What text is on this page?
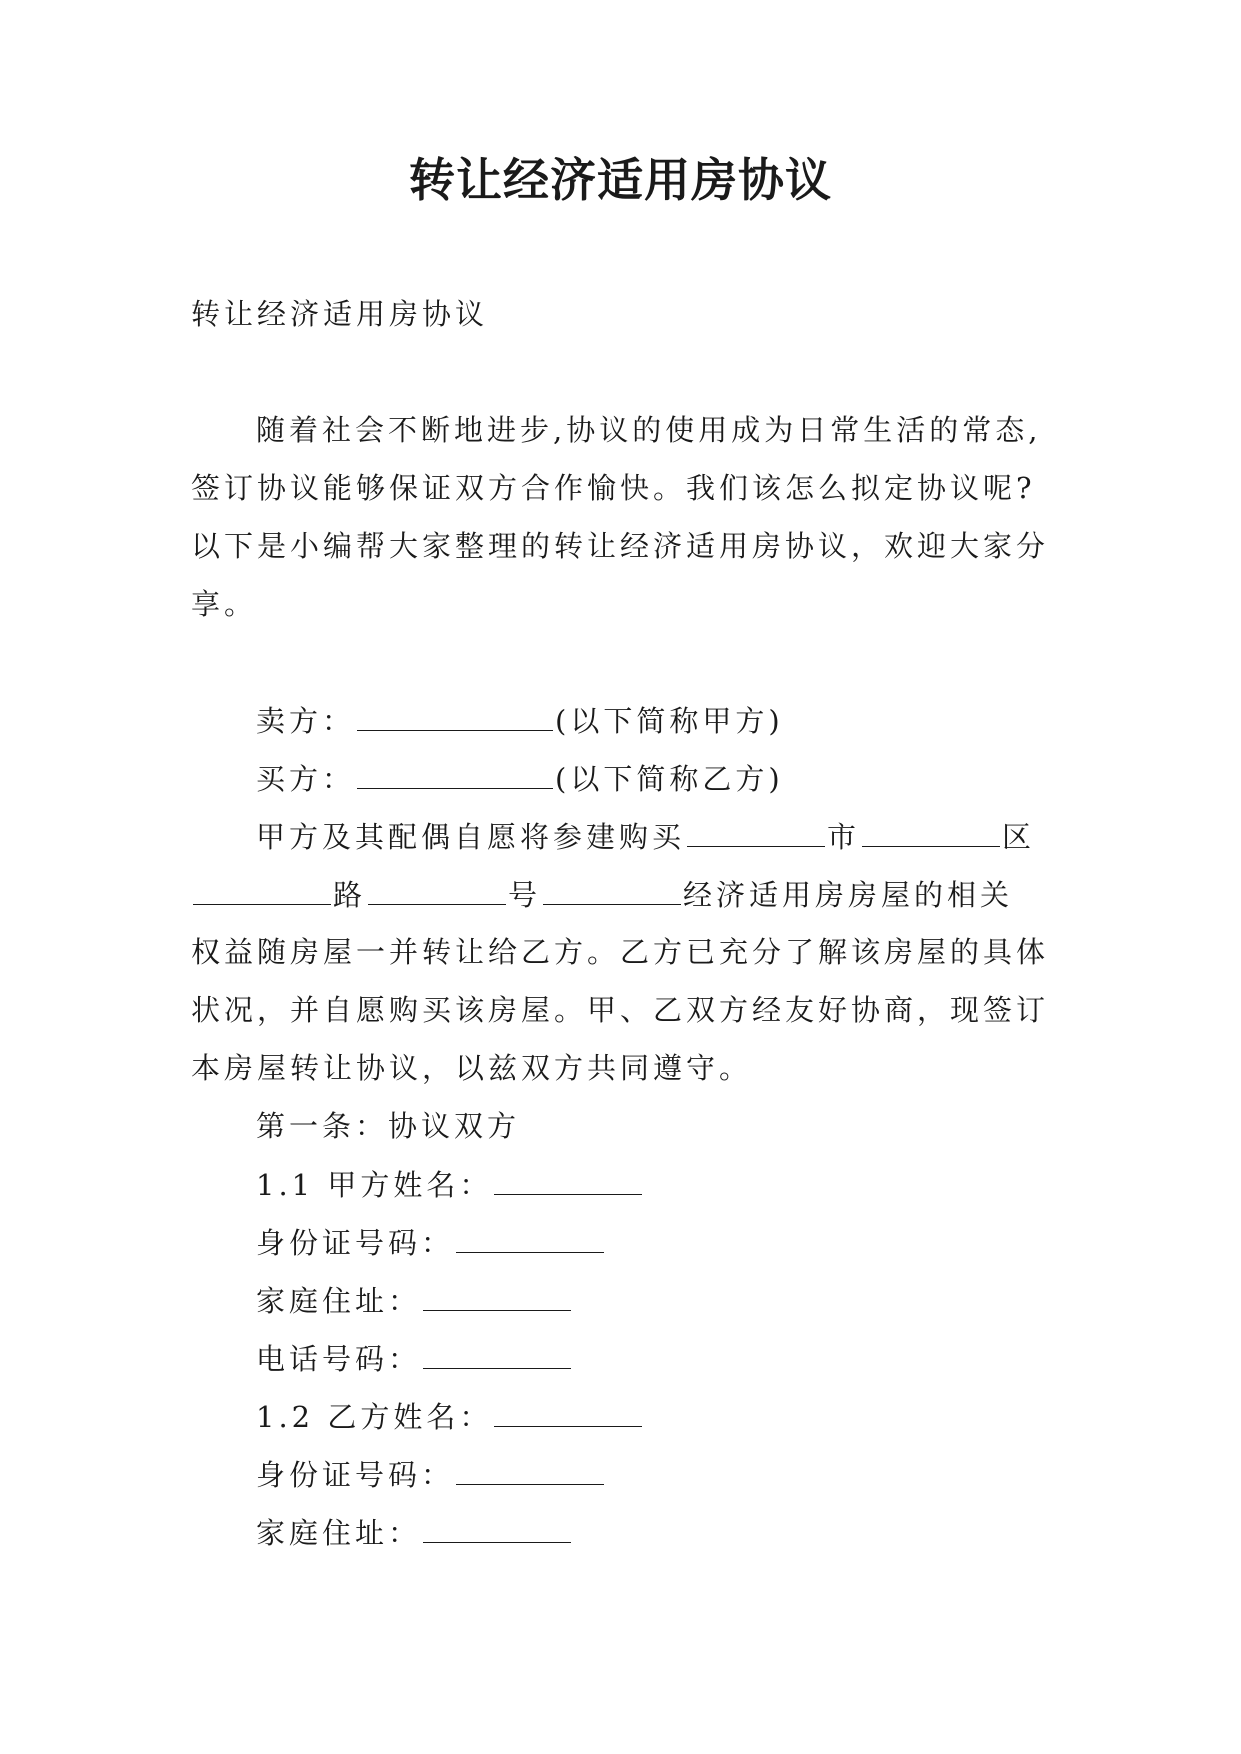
转让经济适用房协议
转让经济适用房协议
随着社会不断地进步,协议的使用成为日常生活的常态,
签订协议能够保证双方合作愉快。我们该怎么拟定协议呢?
以下是小编帮大家整理的转让经济适用房协议，欢迎大家分
享。
卖方：	(以下简称甲方)
买方：	(以下简称乙方)
甲方及其配偶自愿将参建购买	市	区
路	号	经济适用房房屋的相关
权益随房屋一并转让给乙方。乙方已充分了解该房屋的具体
状况，并自愿购买该房屋。甲、乙双方经友好协商，现签订
本房屋转让协议，以兹双方共同遵守。
第一条：协议双方
1.1 甲方姓名：
身份证号码：
家庭住址：
电话号码：
1.2 乙方姓名：
身份证号码：
家庭住址：
